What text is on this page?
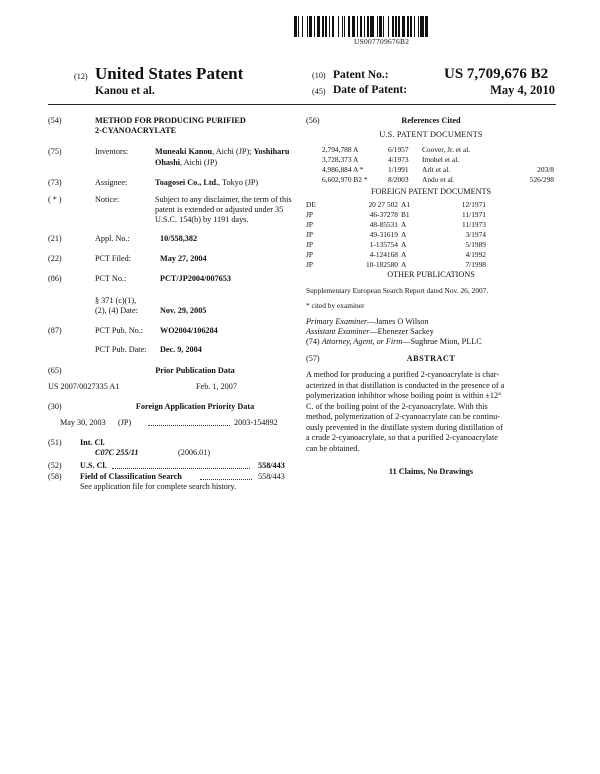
US007709676B2
(12) United States Patent
Kanou et al.
(10) Patent No.:	US 7,709,676 B2
(45) Date of Patent:	May 4, 2010
(54)	METHOD FOR PRODUCING PURIFIED
2-CYANOACRYLATE
(75)	Inventors:	Muneaki Kanou, Aichi (JP); Yoshiharu
Ohashi, Aichi (JP)
(73)	Assignee:	Toagosei Co., Ltd., Tokyo (JP)
( * )	Notice:	Subject to any disclaimer, the term of this
patent is extended or adjusted under 35
U.S.C. 154(b) by 1191 days.
(21)	Appl. No.:	10/558,382
(22)	PCT Filed:	May 27, 2004
(86)	PCT No.:	PCT/JP2004/007653
§ 371 (c)(1),
(2), (4) Date:	Nov. 29, 2005
(87)	PCT Pub. No.: WO2004/106284
PCT Pub. Date: Dec. 9, 2004
(65)	Prior Publication Data
US 2007/0027335 A1	Feb. 1, 2007
(30)	Foreign Application Priority Data
May 30, 2003 (JP)	2003-154892
(51) Int. Cl.
C07C 255/11	(2006.01)
(52) U.S. Cl.	558/443
(58) Field of Classification Search	558/443
See application file for complete search history.
(56)	References Cited
U.S. PATENT DOCUMENTS
2,794,788 A	6/1957	Coover, Jr. et al.	
3,728,373 A	4/1973	Imohel et al.	
4,986,884 A *	1/1991	Arlt et al.	203/8
6,602,970 B2 *	8/2003	Ando et al.	526/298
FOREIGN PATENT DOCUMENTS
DE	20 27 502	A1	12/1971
JP	46-37278	B1	11/1971
JP	48-85531	A	11/1973
JP	49-31619	A	3/1974
JP	1-135754	A	5/1989
JP	4-124168	A	4/1992
JP	10-182580	A	7/1998
OTHER PUBLICATIONS
Supplementary European Search Report dated Nov. 26, 2007.
* cited by examiner
Primary Examiner—James O Wilson
Assistant Examiner—Ebenezer Sackey
(74) Attorney, Agent, or Firm—Sughrue Mion, PLLC
(57)	ABSTRACT
A method for producing a purified 2-cyanoacrylate is char-
acterized in that distillation is conducted in the presence of a
polymerization inhibitor whose boiling point is within ±12°
C. of the boiling point of the 2-cyanoacrylate. With this
method, polymerization of 2-cyanoacrylate can be continu-
ously prevented in the distillate system during distillation of
a crude 2-cyanoacrylate, so that a purified 2-cyanoacrylate
can be obtained.
11 Claims, No Drawings
